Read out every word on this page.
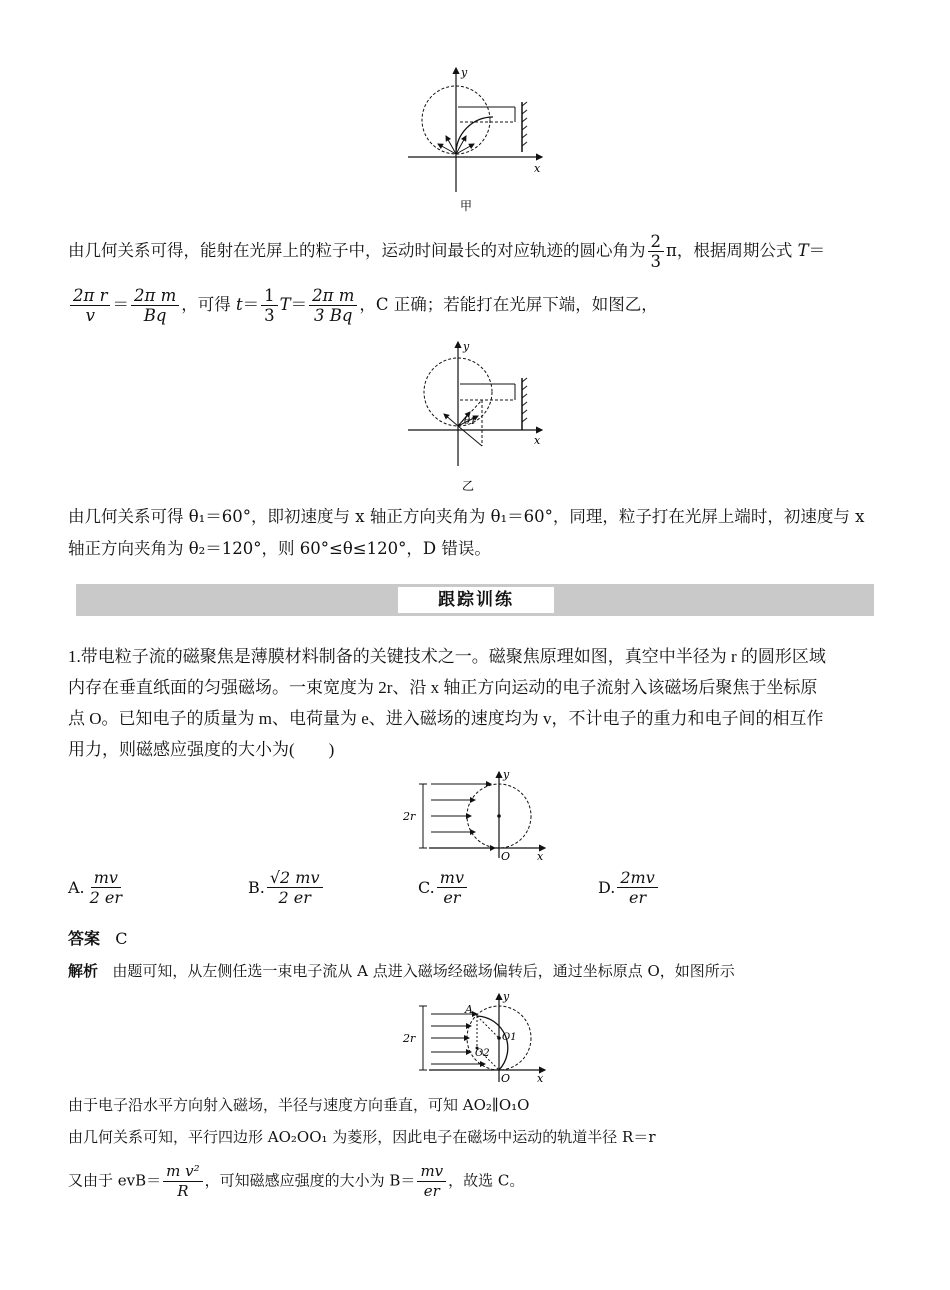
x
y
甲
由几何关系可得，能射在光屏上的粒子中，运动时间最长的对应轨迹的圆心角为 $\frac{2}{3}$ π，根据周期公式 T＝
$\frac{\text{2π r}}{v} = \frac{\text{2π m}}{Bq}$ ，可得 $t= \frac{1}{3} T= \frac{\text{2π m}}{3 Bq}$ ，C 正确；若能打在光屏下端，如图乙，
θ1
x
y
乙
由几何关系可得 θ₁＝60°，即初速度与 x 轴正方向夹角为 θ₁＝60°，同理，粒子打在光屏上端时，初速度与 x
轴正方向夹角为 θ₂＝120°，则 60°≤θ≤120°，D 错误。
跟踪训练
1.带电粒子流的磁聚焦是薄膜材料制备的关键技术之一。磁聚焦原理如图，真空中半径为 r 的圆形区域
内存在垂直纸面的匀强磁场。一束宽度为 2r、沿 x 轴正方向运动的电子流射入该磁场后聚焦于坐标原
点 O。已知电子的质量为 m、电荷量为 e、进入磁场的速度均为 v，不计电子的重力和电子间的相互作
用力，则磁感应强度的大小为(　　)
2r
O x
y
A. $\frac{mv}{2 er}$	B. $\frac{√2 mv}{2 er}$	C. $\frac{mv}{er}$	D. $\frac{2mv}{er}$
答案 C
解析 由题可知，从左侧任选一束电子流从 A 点进入磁场经磁场偏转后，通过坐标原点 O，如图所示
A
O1
O2
2r
O x
y
由于电子沿水平方向射入磁场，半径与速度方向垂直，可知 AO₂∥O₁O
由几何关系可知，平行四边形 AO₂OO₁ 为菱形，因此电子在磁场中运动的轨道半径 R＝r
又由于 $evB= \frac{\text{m v²}}{R}$ ，可知磁感应强度的大小为 $B= \frac{mv}{er}$ ，故选 C。
